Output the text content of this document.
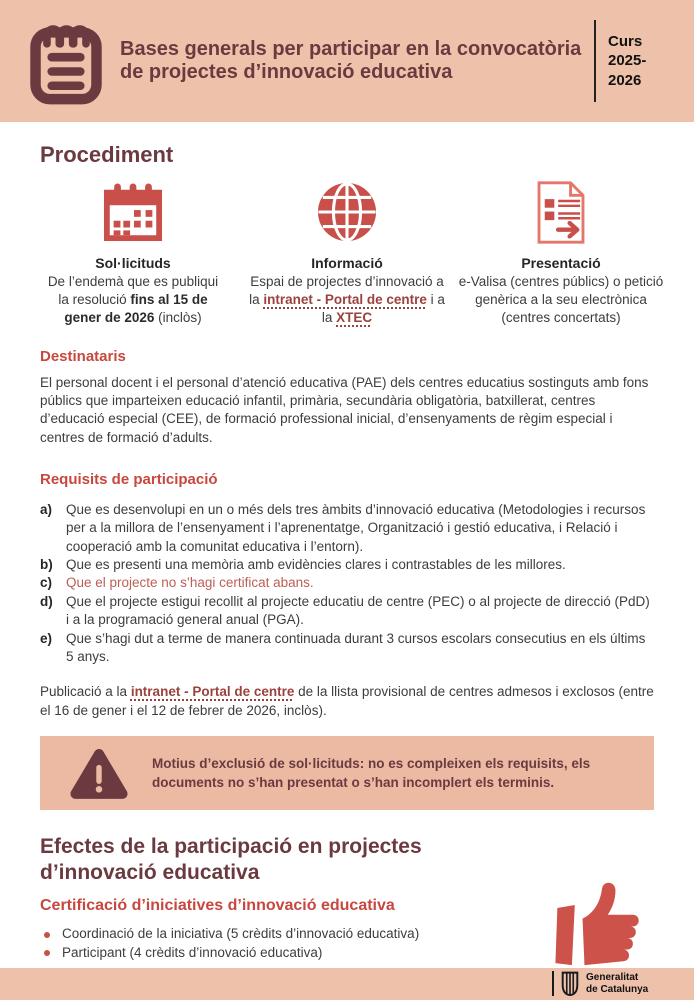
Bases generals per participar en la convocatòria de projectes d’innovació educativa
Curs 2025-2026
Procediment
Sol·licituds
De l’endemà que es publiqui la resolució fins al 15 de gener de 2026 (inclòs)
Informació
Espai de projectes d’innovació a la intranet - Portal de centre i a la XTEC
Presentació
e-Valisa (centres públics) o petició genèrica a la seu electrònica (centres concertats)
Destinataris

El personal docent i el personal d’atenció educativa (PAE) dels centres educatius sostinguts amb fons públics que imparteixen educació infantil, primària, secundària obligatòria, batxillerat, centres d’educació especial (CEE), de formació professional inicial, d’ensenyaments de règim especial i centres de formació d’adults.

Requisits de participació
a)	Que es desenvolupi en un o més dels tres àmbits d’innovació educativa (Metodologies i recursos per a la millora de l’ensenyament i l’aprenentatge, Organització i gestió educativa, i Relació i cooperació amb la comunitat educativa i l’entorn).
b) Que es presenti una memòria amb evidències clares i contrastables de les millores.
c)	Que el projecte no s’hagi certificat abans.
d) Que el projecte estigui recollit al projecte educatiu de centre (PEC) o al projecte de direcció (PdD) i a la programació general anual (PGA).
e)	Que s’hagi dut a terme de manera continuada durant 3 cursos escolars consecutius en els últims 5 anys.

Publicació a la intranet - Portal de centre de la llista provisional de centres admesos i exclosos (entre el 16 de gener i el 12 de febrer de 2026, inclòs).

Motius d’exclusió de sol·licituds: no es compleixen els requisits, els documents no s’han presentat o s’han incomplert els terminis.
Efectes de la participació en projectes d’innovació educativa
Certificació d’iniciatives d’innovació educativa
Coordinació de la iniciativa (5 crèdits d’innovació educativa)
Participant (4 crèdits d’innovació educativa)
Generalitat de Catalunya
